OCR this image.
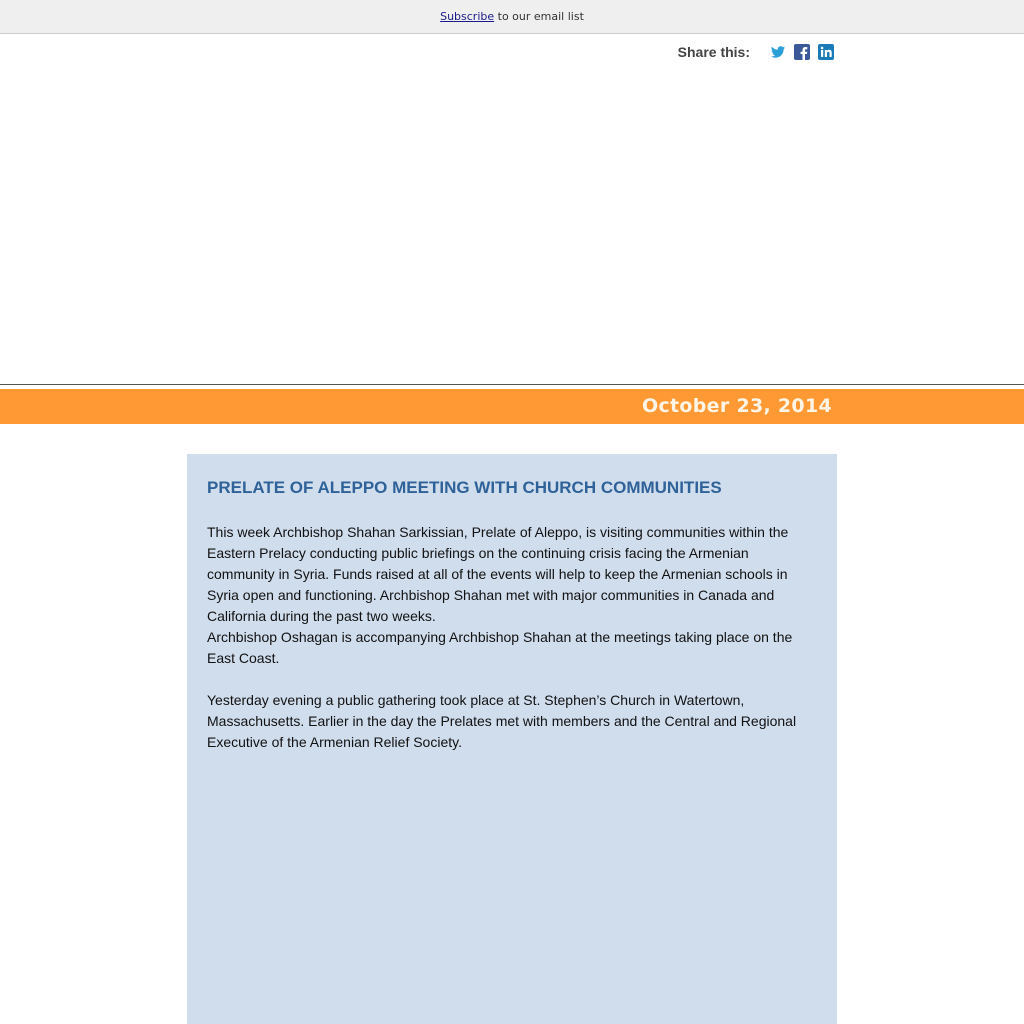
Subscribe to our email list
Share this:
October 23, 2014
PRELATE OF ALEPPO MEETING WITH CHURCH COMMUNITIES

This week Archbishop Shahan Sarkissian, Prelate of Aleppo, is visiting communities within the Eastern Prelacy conducting public briefings on the continuing crisis facing the Armenian community in Syria. Funds raised at all of the events will help to keep the Armenian schools in Syria open and functioning. Archbishop Shahan met with major communities in Canada and California during the past two weeks.

Archbishop Oshagan is accompanying Archbishop Shahan at the meetings taking place on the East Coast.

Yesterday evening a public gathering took place at St. Stephen’s Church in Watertown, Massachusetts. Earlier in the day the Prelates met with members and the Central and Regional Executive of the Armenian Relief Society.
